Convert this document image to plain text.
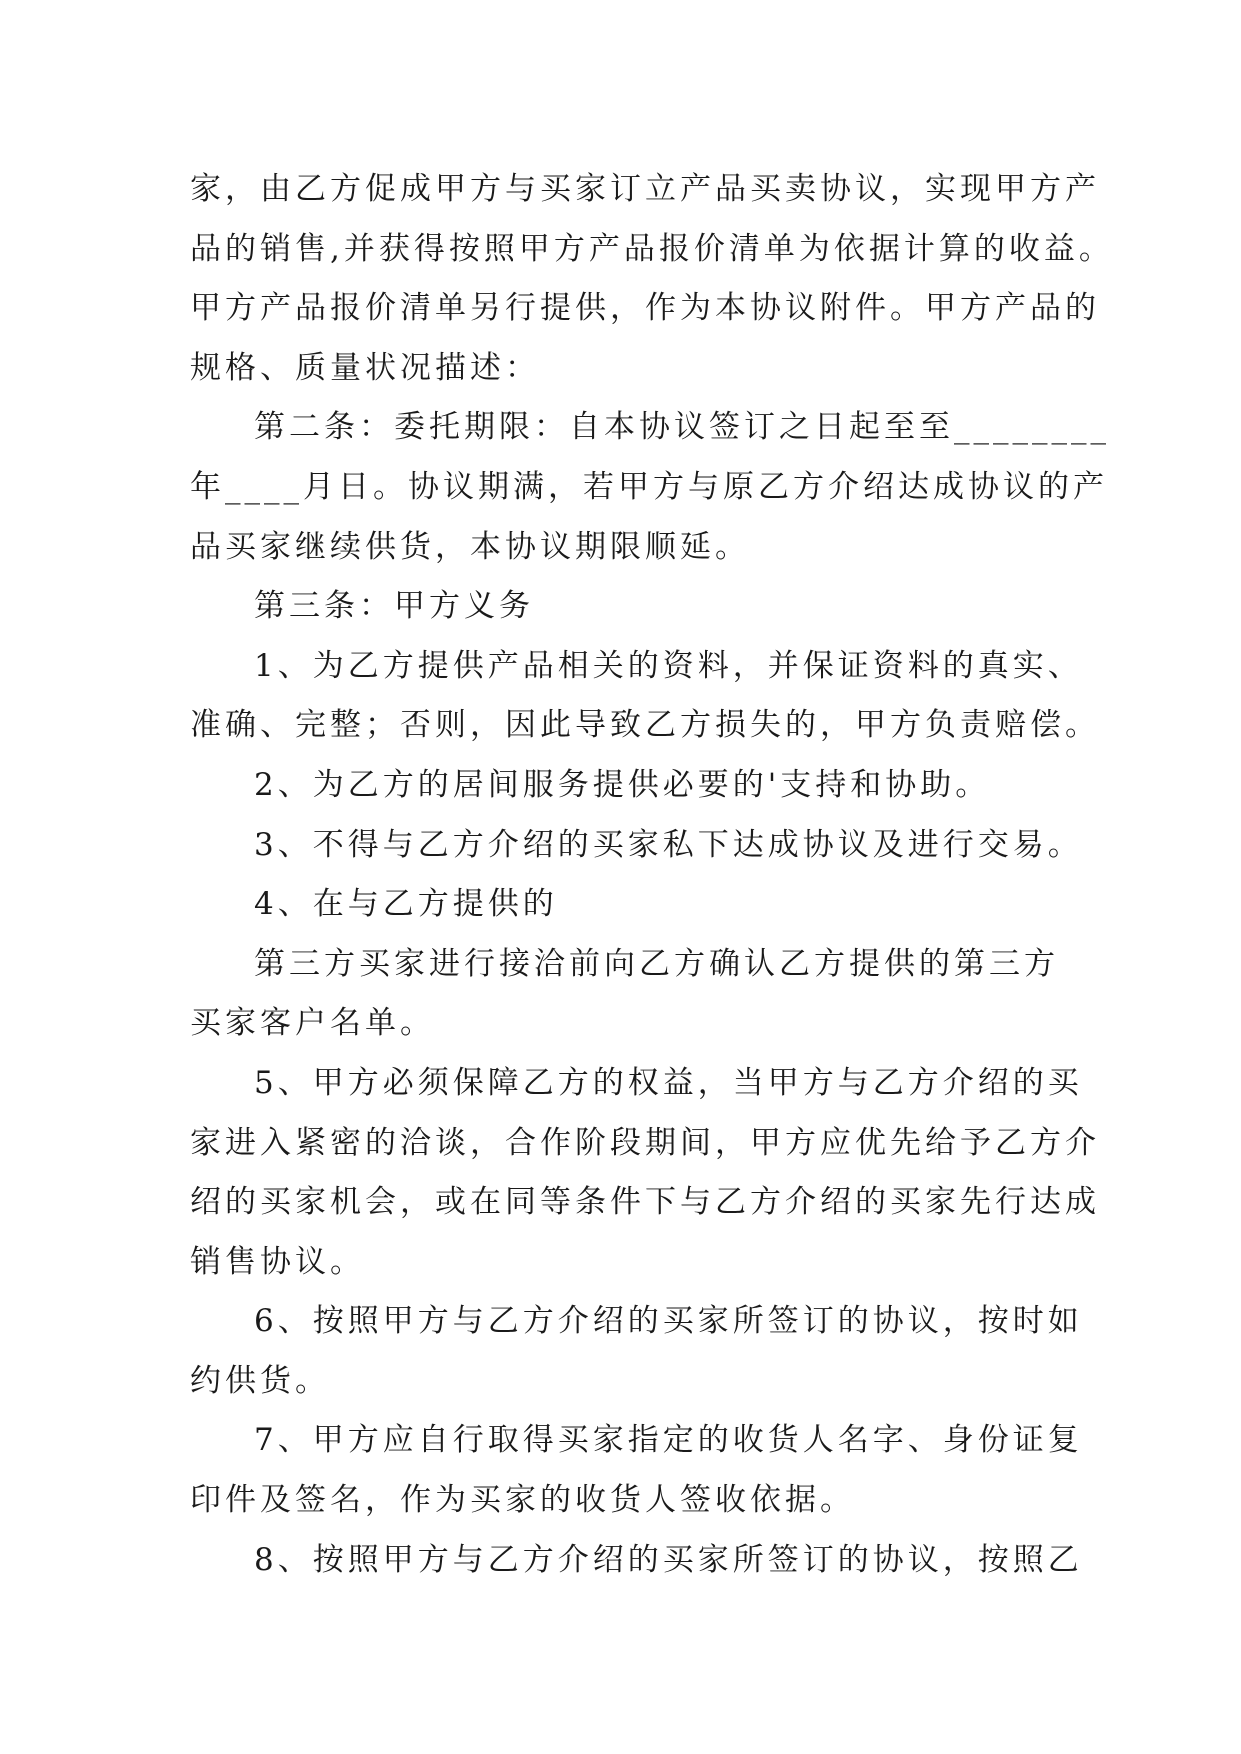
家，由乙方促成甲方与买家订立产品买卖协议，实现甲方产

品的销售,并获得按照甲方产品报价清单为依据计算的收益。

甲方产品报价清单另行提供，作为本协议附件。甲方产品的

规格、质量状况描述：

第二条：委托期限：自本协议签订之日起至至________

年____月日。协议期满，若甲方与原乙方介绍达成协议的产

品买家继续供货，本协议期限顺延。

第三条：甲方义务

1、为乙方提供产品相关的资料，并保证资料的真实、

准确、完整；否则，因此导致乙方损失的，甲方负责赔偿。

2、为乙方的居间服务提供必要的'支持和协助。

3、不得与乙方介绍的买家私下达成协议及进行交易。

4、在与乙方提供的

第三方买家进行接洽前向乙方确认乙方提供的第三方

买家客户名单。

5、甲方必须保障乙方的权益，当甲方与乙方介绍的买

家进入紧密的洽谈，合作阶段期间，甲方应优先给予乙方介

绍的买家机会，或在同等条件下与乙方介绍的买家先行达成

销售协议。

6、按照甲方与乙方介绍的买家所签订的协议，按时如

约供货。

7、甲方应自行取得买家指定的收货人名字、身份证复

印件及签名，作为买家的收货人签收依据。

8、按照甲方与乙方介绍的买家所签订的协议，按照乙
